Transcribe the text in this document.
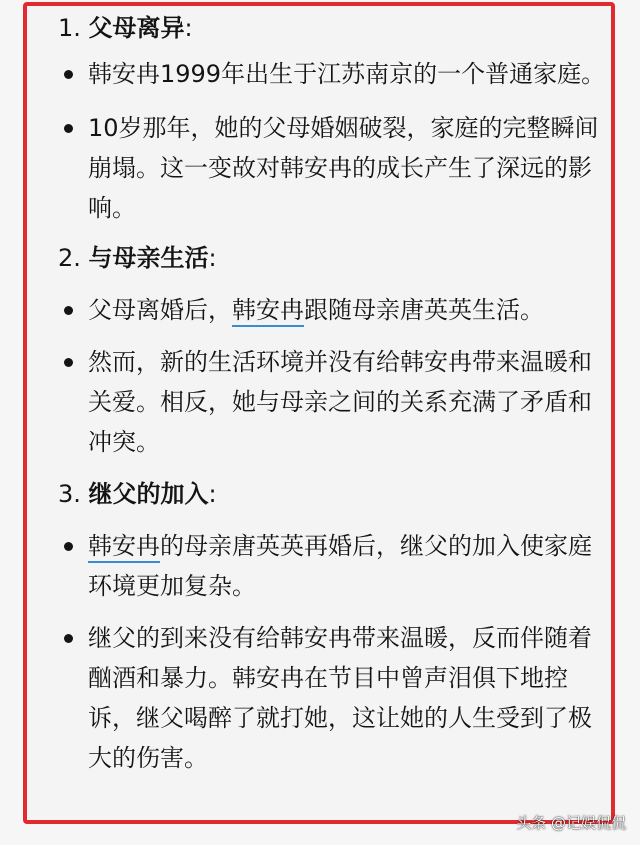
1. 父母离异:
韩安冉1999年出生于江苏南京的一个普通家庭。
10岁那年，她的父母婚姻破裂，家庭的完整瞬间崩塌。这一变故对韩安冉的成长产生了深远的影响。
2. 与母亲生活:
父母离婚后，韩安冉跟随母亲唐英英生活。
然而，新的生活环境并没有给韩安冉带来温暖和关爱。相反，她与母亲之间的关系充满了矛盾和冲突。
3. 继父的加入:
韩安冉的母亲唐英英再婚后，继父的加入使家庭环境更加复杂。
继父的到来没有给韩安冉带来温暖，反而伴随着酗酒和暴力。韩安冉在节目中曾声泪俱下地控诉，继父喝醉了就打她，这让她的人生受到了极大的伤害。
头条 @记娱侃侃
